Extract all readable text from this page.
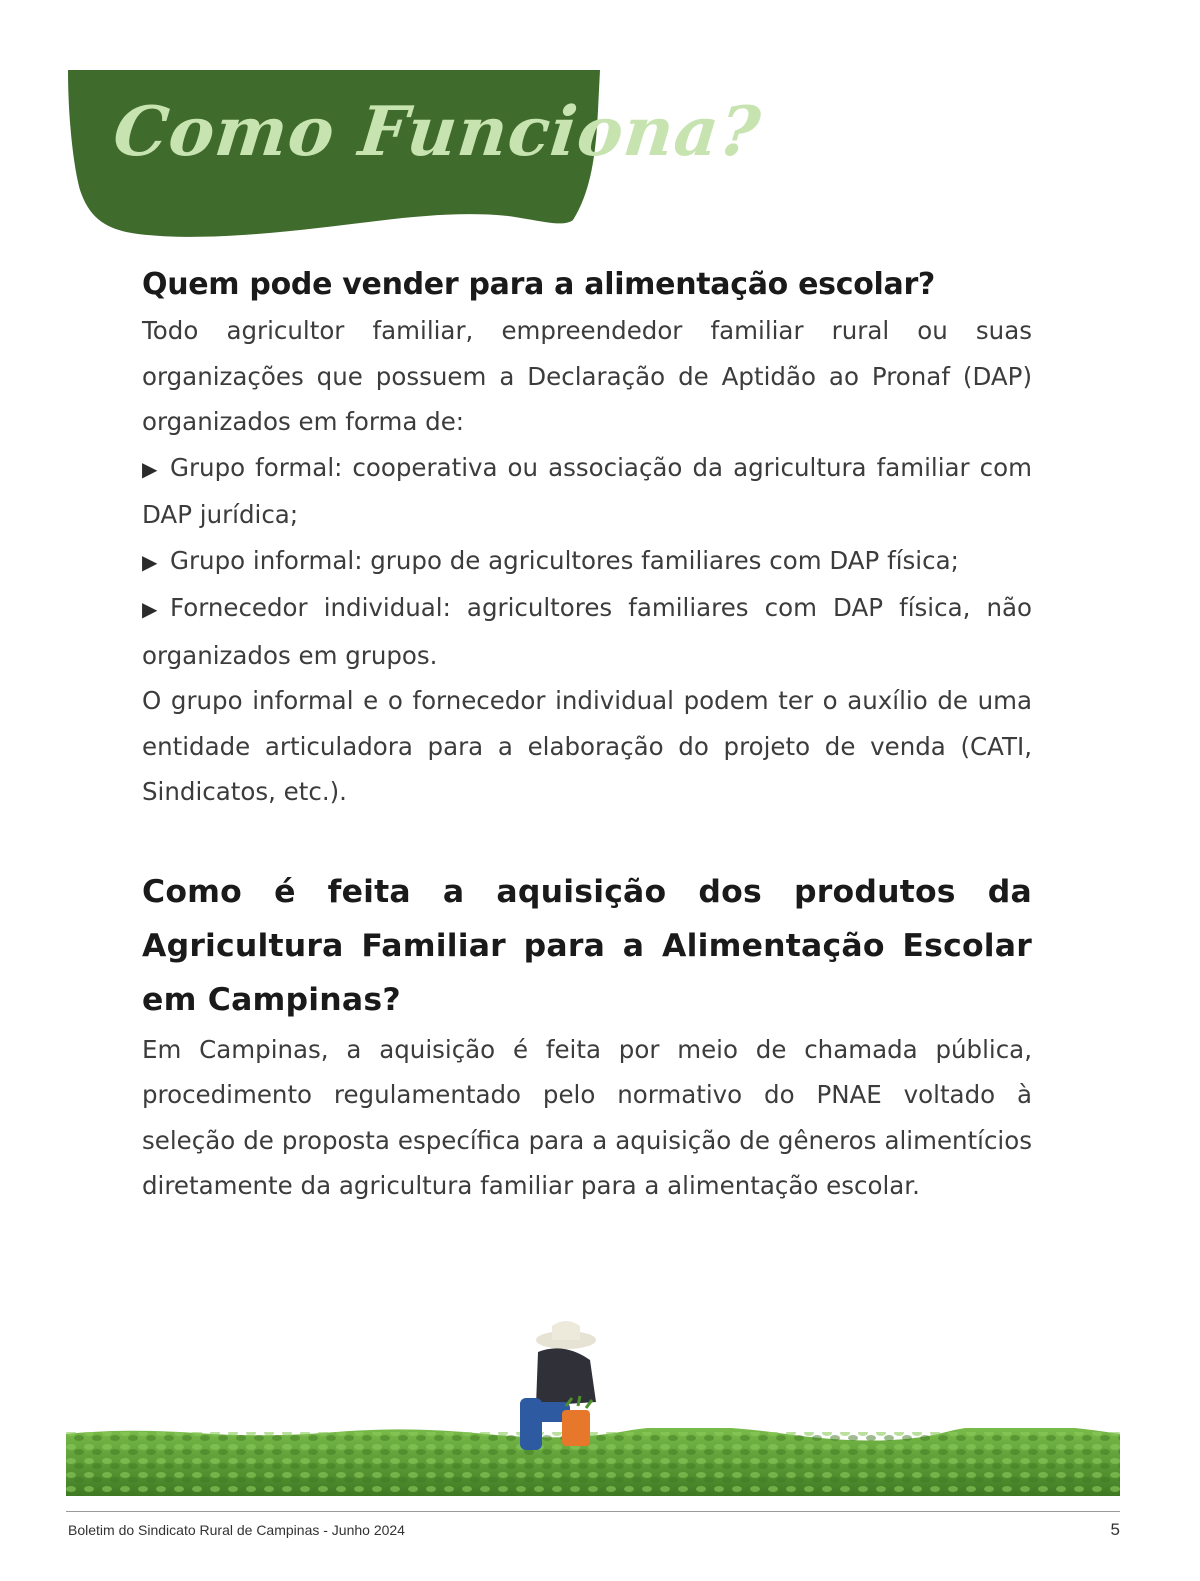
Como Funciona?
Quem pode vender para a alimentação escolar?

Todo agricultor familiar, empreendedor familiar rural ou suas organizações que possuem a Declaração de Aptidão ao Pronaf (DAP) organizados em forma de:

▶ Grupo formal: cooperativa ou associação da agricultura familiar com DAP jurídica;

▶ Grupo informal: grupo de agricultores familiares com DAP física;

▶ Fornecedor individual: agricultores familiares com DAP física, não organizados em grupos.

O grupo informal e o fornecedor individual podem ter o auxílio de uma entidade articuladora para a elaboração do projeto de venda (CATI, Sindicatos, etc.).

Como é feita a aquisição dos produtos da Agricultura Familiar para a Alimentação Escolar em Campinas?

Em Campinas, a aquisição é feita por meio de chamada pública, procedimento regulamentado pelo normativo do PNAE voltado à seleção de proposta específica para a aquisição de gêneros alimentícios diretamente da agricultura familiar para a alimentação escolar.

Boletim do Sindicato Rural de Campinas - Junho 2024	5
